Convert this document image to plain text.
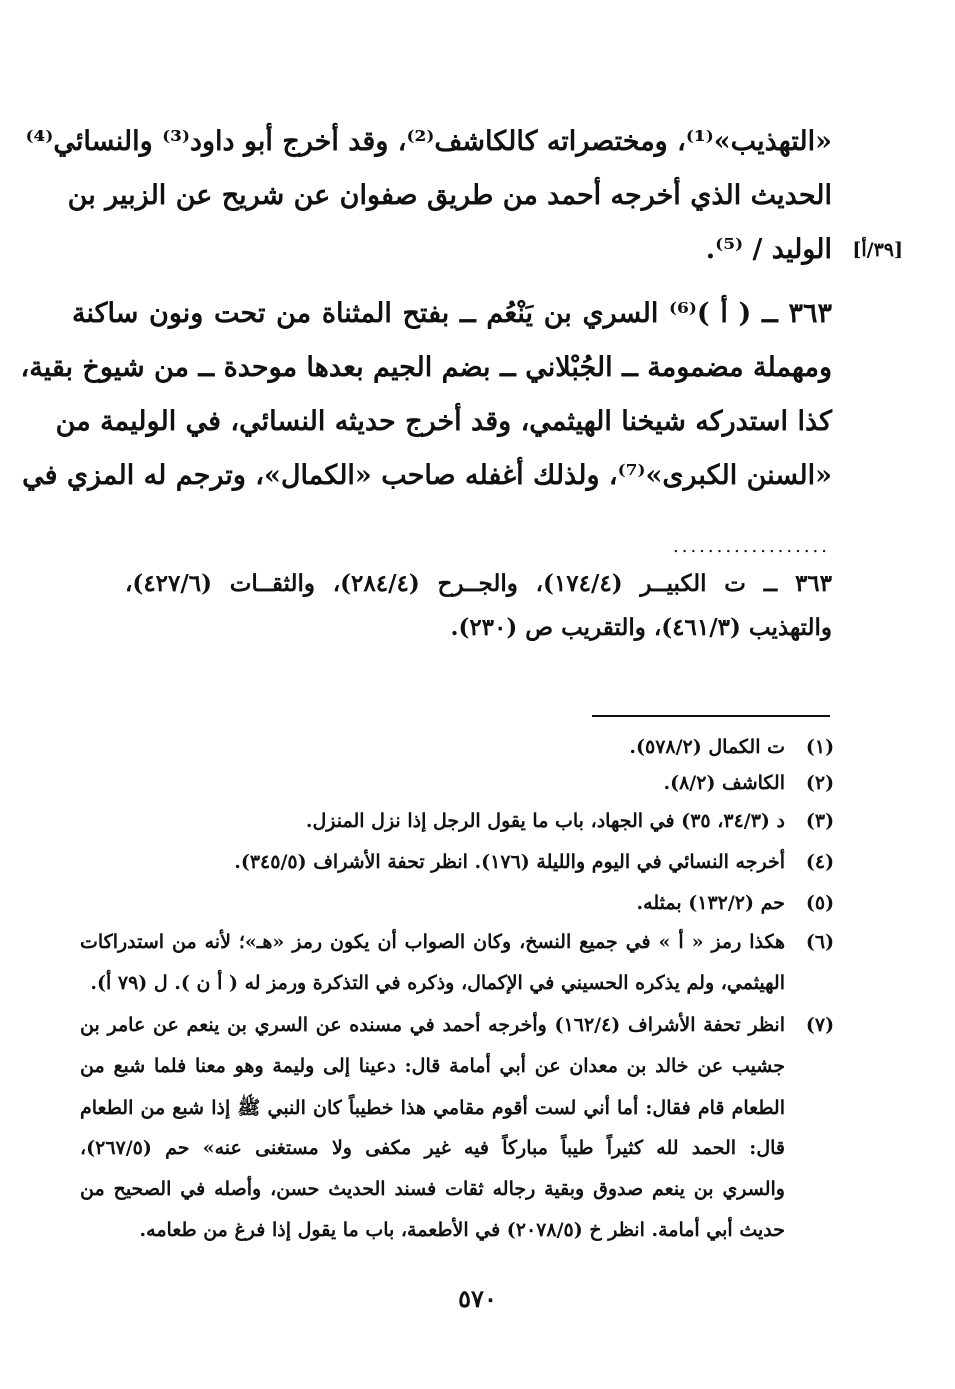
«التهذيب»⁽¹⁾، ومختصراته كالكاشف⁽²⁾، وقد أخرج أبو داود⁽³⁾ والنسائي⁽⁴⁾
الحديث الذي أخرجه أحمد من طريق صفوان عن شريح عن الزبير بن
الوليد / ⁽⁵⁾. [٣٩/أ]
٣٦٣ ــ ( أ )⁽⁶⁾ السري بن يَنْعُم ــ بفتح المثناة من تحت ونون ساكنة
ومهملة مضمومة ــ الجُبْلاني ــ بضم الجيم بعدها موحدة ــ من شيوخ بقية،
كذا استدركه شيخنا الهيثمي، وقد أخرج حديثه النسائي، في الوليمة من
«السنن الكبرى»⁽⁷⁾، ولذلك أغفله صاحب «الكمال»، وترجم له المزي في
..................
٣٦٣ ــ ت الكبيــر (١٧٤/٤)، والجــرح (٢٨٤/٤)، والثقــات (٤٢٧/٦)،
والتهذيب (٤٦١/٣)، والتقريب ص (٢٣٠).
(١)
ت الكمال (٥٧٨/٢).
(٢)
الكاشف (٨/٢).
(٣)
د (٣٤/٣، ٣٥) في الجهاد، باب ما يقول الرجل إذا نزل المنزل.
(٤)
أخرجه النسائي في اليوم والليلة (١٧٦). انظر تحفة الأشراف (٣٤٥/٥).
(٥)
حم (١٣٢/٢) بمثله.
(٦)
هكذا رمز « أ » في جميع النسخ، وكان الصواب أن يكون رمز «هـ»؛ لأنه من استدراكات
الهيثمي، ولم يذكره الحسيني في الإكمال، وذكره في التذكرة ورمز له ( أ ن ). ل (٧٩ أ).
(٧)
انظر تحفة الأشراف (١٦٢/٤) وأخرجه أحمد في مسنده عن السري بن ينعم عن عامر بن
جشيب عن خالد بن معدان عن أبي أمامة قال: دعينا إلى وليمة وهو معنا فلما شبع من
الطعام قام فقال: أما أني لست أقوم مقامي هذا خطيباً كان النبي ﷺ إذا شبع من الطعام
قال: الحمد لله كثيراً طيباً مباركاً فيه غير مكفى ولا مستغنى عنه» حم (٢٦٧/٥)،
والسري بن ينعم صدوق وبقية رجاله ثقات فسند الحديث حسن، وأصله في الصحيح من
حديث أبي أمامة. انظر خ (٢٠٧٨/٥) في الأطعمة، باب ما يقول إذا فرغ من طعامه.
٥٧٠
